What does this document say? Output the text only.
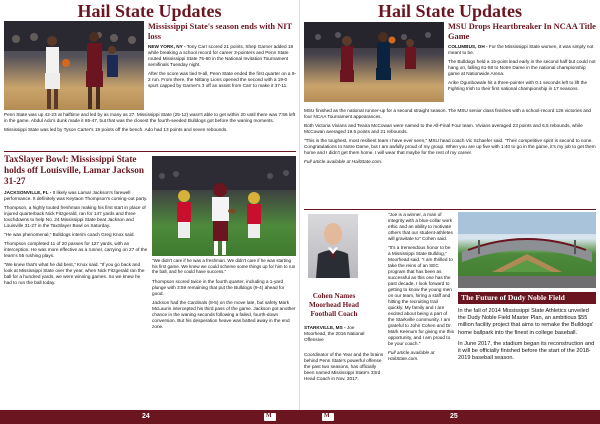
Hail State Updates
Mississippi State's season ends with NIT loss

NEW YORK, NY - Tony Carr scored 21 points, Shep Garner added 18 while breaking a school record for career 3-pointers and Penn State routed Mississippi State 75-60 in the National Invitation Tournament semifinals Tuesday night.

After the score was tied 9-all, Penn State ended the first quarter on a 9-2 run. From there, the Nittany Lions opened the second with a 19-0 spurt capped by Garner's 3 off an assist from Carr to make it 37-11.

Penn State was up 42-23 at halftime and led by as many as 27. Mississippi State (25-12) wasn't able to get within 20 until there was 7:56 left in the game. Abdul Ado's dunk made it 65-47, but that was the closest the fourth-seeded Bulldogs got before the waning moments.

Mississippi State was led by Tyson Carter's 19 points off the bench. Ado had 13 points and seven rebounds.

TaxSlayer Bowl: Mississippi State holds off Louisville, Lamar Jackson 31-27

JACKSONVILLE, FL - It likely was Lamar Jackson's farewell performance. It definitely was Keytaon Thompson's coming-out party.

Thompson, a highly touted freshman making his first start in place of injured quarterback Nick Fitzgerald, ran for 147 yards and three touchdowns to help No. 24 Mississippi State beat Jackson and Louisville 31-27 in the TaxSlayer Bowl on Saturday.

"He was phenomenal," Bulldogs interim coach Greg Knox said.

Thompson completed 11 of 20 passes for 127 yards, with an interception. He was more effective as a runner, carrying on 27 of the team's 55 rushing plays.

"We knew that's what he did best," Knox said. "If you go back and look at Mississippi State over the year, when Nick Fitzgerald ran the ball for a hundred yards, we were winning games. So we knew he had to run the ball today.

"We didn't care if he was a freshman. We didn't care if he was starting his first game. We knew we could scheme some things up for him to run the ball, and he could have success."

Thompson scored twice in the fourth quarter, including a 1-yard plunge with 3:59 remaining that put the Bulldogs (9-4) ahead for good.

Jackson had the Cardinals (8-5) on the move late, but safety Mark McLaurin intercepted his third pass of the game. Jackson got another chance in the waning seconds following a failed, fourth-down conversion. But his desperation heave was batted away in the end zone.

24	M
Hail State Updates
MSU Drops Heartbreaker In NCAA Title Game

COLUMBUS, OH - For the Mississippi State women, it was simply not meant to be.

The Bulldogs held a 15-point lead early in the second half but could not hang on, falling 61-58 to Notre Dame in the national championship game at Nationwide Arena.

Arike Ogunbowale hit a three-pointer with 0.1 seconds left to lift the Fighting Irish to their first national championship in 17 seasons.

MSU finished as the national runner-up for a second straight season. The MSU senior class finishes with a school-record 126 victories and four NCAA Tournament appearances.

Both Victoria Vivians and Teaira McCowan were named to the All-Final Four team. Vivians averaged 23 points and 6.5 rebounds, while McCowan averaged 19.5 points and 21 rebounds.

"This is the toughest, most resilient team I have ever seen," MSU head coach Vic Schaefer said. "Their competitive spirit is second to none. Congratulations to Notre Dame, but I am awfully proud of my group. When you are up five with 1:40 to go in the game, it's my job to get them home and I didn't get them home. I will wear that maybe for the rest of my career.

Full article available at HailState.com.

Cohen Names Moorhead Head Football Coach

STARKVILLE, MS - Joe Moorhead, the 2016 National Offensive

Coordinator of the Year and the brains behind Penn State's powerful offense the past two seasons, has officially been named Mississippi State's 33rd Head Coach in Nov. 2017.

"Joe is a winner, a man of integrity with a blue-collar work ethic and an ability to motivate others that our student-athletes will gravitate to" Cohen said.

"It's a tremendous honor to be a Mississippi State Bulldog," Moorhead said. "I am thrilled to take the reins of an SEC program that has been as successful as this one has the past decade. I look forward to getting to know the young men on our team, hiring a staff and hitting the recruiting trail quickly. My family and I are excited about being a part of the Starkville community. I am grateful to John Cohen and Dr. Mark Keenum for giving me this opportunity, and I am proud to be your coach."

Full article available at HailState.com.

The Future of Dudy Noble Field

In the fall of 2014 Mississippi State Athletics unveiled the Dudy Noble Field Master Plan, an ambitious $55 million facility project that aims to remake the Bulldogs' home ballpark into the finest in college baseball.

In June 2017, the stadium began its reconstruction and it will be officially finished before the start of the 2018-2019 baseball season.

M	25
